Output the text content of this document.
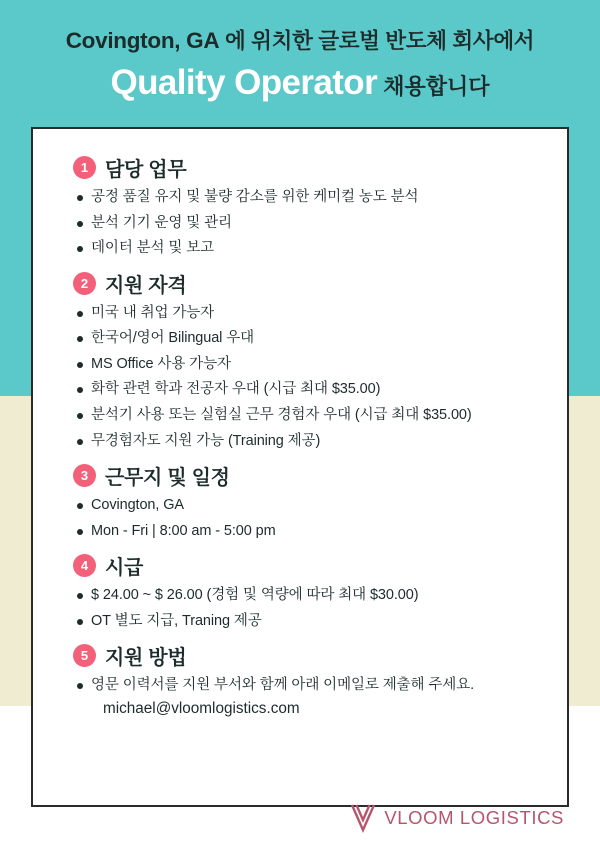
Covington, GA 에 위치한 글로벌 반도체 회사에서
Quality Operator 채용합니다
1 담당 업무
공정 품질 유지 및 불량 감소를 위한 케미컬 농도 분석
분석 기기 운영 및 관리
데이터 분석 및 보고
2 지원 자격
미국 내 취업 가능자
한국어/영어 Bilingual 우대
MS Office 사용 가능자
화학 관련 학과 전공자 우대 (시급 최대 $35.00)
분석기 사용 또는 실험실 근무 경험자 우대 (시급 최대 $35.00)
무경험자도 지원 가능 (Training 제공)
3 근무지 및 일정
Covington, GA
Mon - Fri | 8:00 am - 5:00 pm
4 시급
$ 24.00 ~ $ 26.00 (경험 및 역량에 따라 최대 $30.00)
OT 별도 지급, Traning 제공
5 지원 방법
영문 이력서를 지원 부서와 함께 아래 이메일로 제출해 주세요.
michael@vloomlogistics.com
VLOOM LOGISTICS
